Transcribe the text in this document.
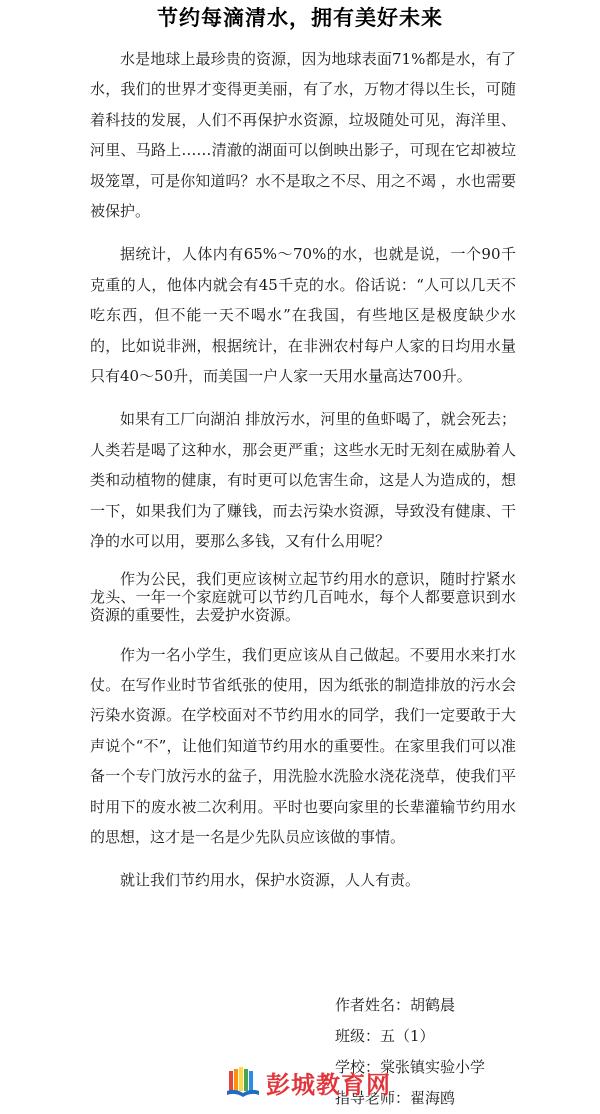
节约每滴清水，拥有美好未来

水是地球上最珍贵的资源，因为地球表面71%都是水，有了水，我们的世界才变得更美丽，有了水，万物才得以生长，可随着科技的发展，人们不再保护水资源，垃圾随处可见，海洋里、河里、马路上……清澈的湖面可以倒映出影子，可现在它却被垃圾笼罩，可是你知道吗？水不是取之不尽、用之不竭 ，水也需要被保护。

据统计，人体内有65%～70%的水，也就是说，一个90千克重的人，他体内就会有45千克的水。俗话说：“人可以几天不吃东西，但不能一天不喝水”在我国，有些地区是极度缺少水的，比如说非洲，根据统计，在非洲农村每户人家的日均用水量只有40～50升，而美国一户人家一天用水量高达700升。

如果有工厂向湖泊 排放污水，河里的鱼虾喝了，就会死去；人类若是喝了这种水，那会更严重；这些水无时无刻在威胁着人类和动植物的健康，有时更可以危害生命，这是人为造成的，想一下，如果我们为了赚钱，而去污染水资源，导致没有健康、干净的水可以用，要那么多钱，又有什么用呢？

作为公民，我们更应该树立起节约用水的意识，随时拧紧水龙头、一年一个家庭就可以节约几百吨水，每个人都要意识到水资源的重要性，去爱护水资源。

作为一名小学生，我们更应该从自己做起。不要用水来打水仗。在写作业时节省纸张的使用，因为纸张的制造排放的污水会污染水资源。在学校面对不节约用水的同学，我们一定要敢于大声说个“不”，让他们知道节约用水的重要性。在家里我们可以准备一个专门放污水的盆子，用洗脸水洗脸水浇花浇草，使我们平时用下的废水被二次利用。平时也要向家里的长辈灌输节约用水的思想，这才是一名是少先队员应该做的事情。

就让我们节约用水，保护水资源，人人有责。

作者姓名：胡鹤晨
班级：五（1）
学校：棠张镇实验小学
指导老师：翟海鸥
彭城教育网
